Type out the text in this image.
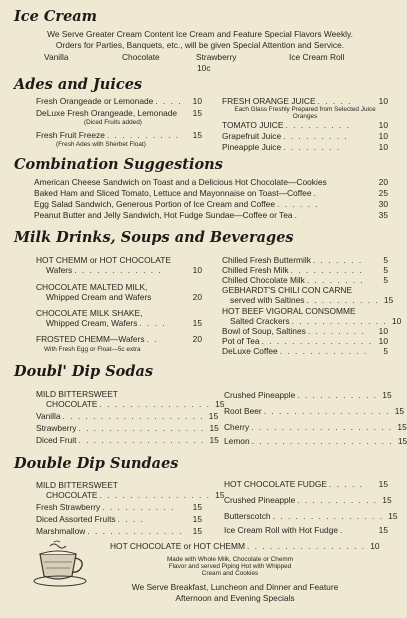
Ice Cream
We Serve Greater Cream Content Ice Cream and Feature Special Flavors Weekly.
Orders for Parties, Banquets, etc., will be given Special Attention and Service.
Vanilla	Chocolate	Strawberry	Ice Cream Roll
10c
Ades and Juices
Fresh Orangeade or Lemonade . . . .	10
DeLuxe Fresh Orangeade, Lemonade	15
(Diced Fruits added)
Fresh Fruit Freeze . . . . . . . . . .	15
(Fresh Ades with Sherbet Float)
FRESH ORANGE JUICE . . . . .	10
Each Glass Freshly Prepared from Selected Juice Oranges
TOMATO JUICE . . . . . . . . .	10
Grapefruit Juice . . . . . . . . .	10
Pineapple Juice . . . . . . . .	10
Combination Suggestions
American Cheese Sandwich on Toast and a Delicious Hot Chocolate—Cookies	20
Baked Ham and Sliced Tomato, Lettuce and Mayonnaise on Toast—Coffee .	25
Egg Salad Sandwich, Generous Portion of Ice Cream and Coffee . . . . . .	30
Peanut Butter and Jelly Sandwich, Hot Fudge Sundae—Coffee or Tea .	35
Milk Drinks, Soups and Beverages
HOT CHEMM or HOT CHOCOLATE
Wafers . . . . . . . . . . . .	10
CHOCOLATE MALTED MILK,
Whipped Cream and Wafers	20
CHOCOLATE MILK SHAKE,
Whipped Cream, Wafers . . . .	15
FROSTED CHEMM—Wafers . .	20
With Fresh Egg or Float—5c extra
Chilled Fresh Buttermilk . . . . . . .	5
Chilled Fresh Milk . . . . . . . . . .	5
Chilled Chocolate Milk . . . . . . . .	5
GEBHARDT'S CHILI CON CARNE
served with Saltines . . . . . . . . . . 15
HOT BEEF VIGORAL CONSOMME
Salted Crackers . . . . . . . . . . . . . 10
Bowl of Soup, Saltines . . . . . . . .	10
Pot of Tea . . . . . . . . . . . . . . . 10
DeLuxe Coffee . . . . . . . . . . . .	5
Doubl' Dip Sodas
MILD BITTERSWEET
CHOCOLATE . . . . . . . . . . . . . . . 15
Vanilla . . . . . . . . . . . . . . . . . . . 15
Strawberry . . . . . . . . . . . . . . . . . 15
Diced Fruit . . . . . . . . . . . . . . . . . 15
Crushed Pineapple . . . . . . . . . . . 15
Root Beer . . . . . . . . . . . . . . . . . 15
Cherry . . . . . . . . . . . . . . . . . . . 15
Lemon . . . . . . . . . . . . . . . . . . . 15
Double Dip Sundaes
MILD BITTERSWEET
CHOCOLATE . . . . . . . . . . . . . . . 15
Fresh Strawberry . . . . . . . . . .	15
Diced Assorted Fruits . . . .	15
Marshmallow . . . . . . . . . . . . .	15
HOT CHOCOLATE FUDGE . . . . .	15
Crushed Pineapple . . . . . . . . . . . 15
Butterscotch . . . . . . . . . . . . . . . 15
Ice Cream Roll with Hot Fudge .	15
HOT CHOCOLATE or HOT CHEMM . . . . . . . . . . . . . . . . 10
Made with Whole Milk, Chocolate or Chemm
Flavor and served Piping Hot with Whipped
Cream and Cookies
We Serve Breakfast, Luncheon and Dinner and Feature
Afternoon and Evening Specials
